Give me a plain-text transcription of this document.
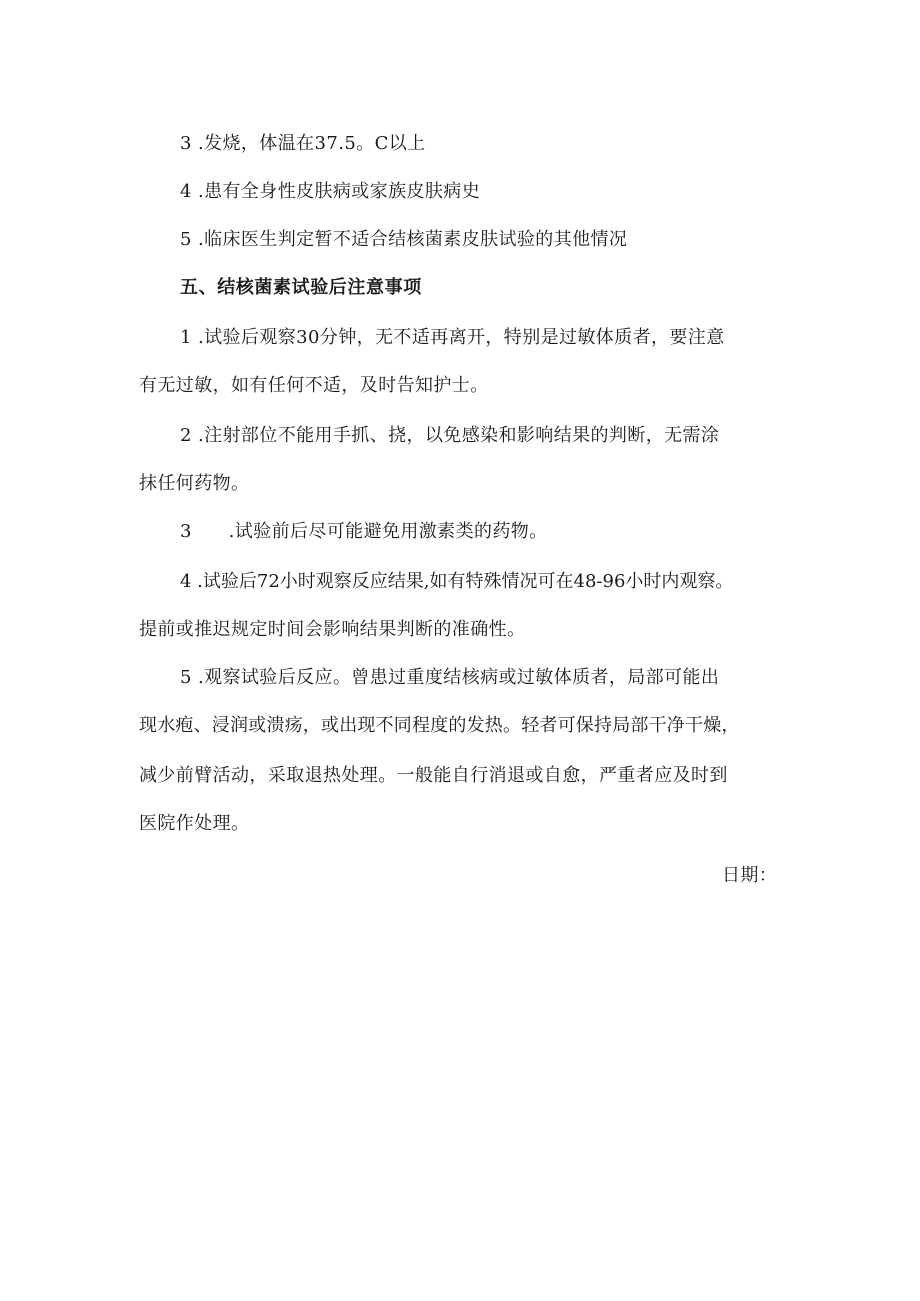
3 .发烧，体温在37.5。C以上
4 .患有全身性皮肤病或家族皮肤病史
5 .临床医生判定暂不适合结核菌素皮肤试验的其他情况
五、结核菌素试验后注意事项
1 .试验后观察30分钟，无不适再离开，特别是过敏体质者，要注意
有无过敏，如有任何不适，及时告知护士。
2 .注射部位不能用手抓、挠，以免感染和影响结果的判断，无需涂
抹任何药物。
3　　.试验前后尽可能避免用激素类的药物。
4 .试验后72小时观察反应结果,如有特殊情况可在48-96小时内观察。
提前或推迟规定时间会影响结果判断的准确性。
5 .观察试验后反应。曾患过重度结核病或过敏体质者，局部可能出
现水疱、浸润或溃疡，或出现不同程度的发热。轻者可保持局部干净干燥，
减少前臂活动，采取退热处理。一般能自行消退或自愈，严重者应及时到
医院作处理。
日期：
